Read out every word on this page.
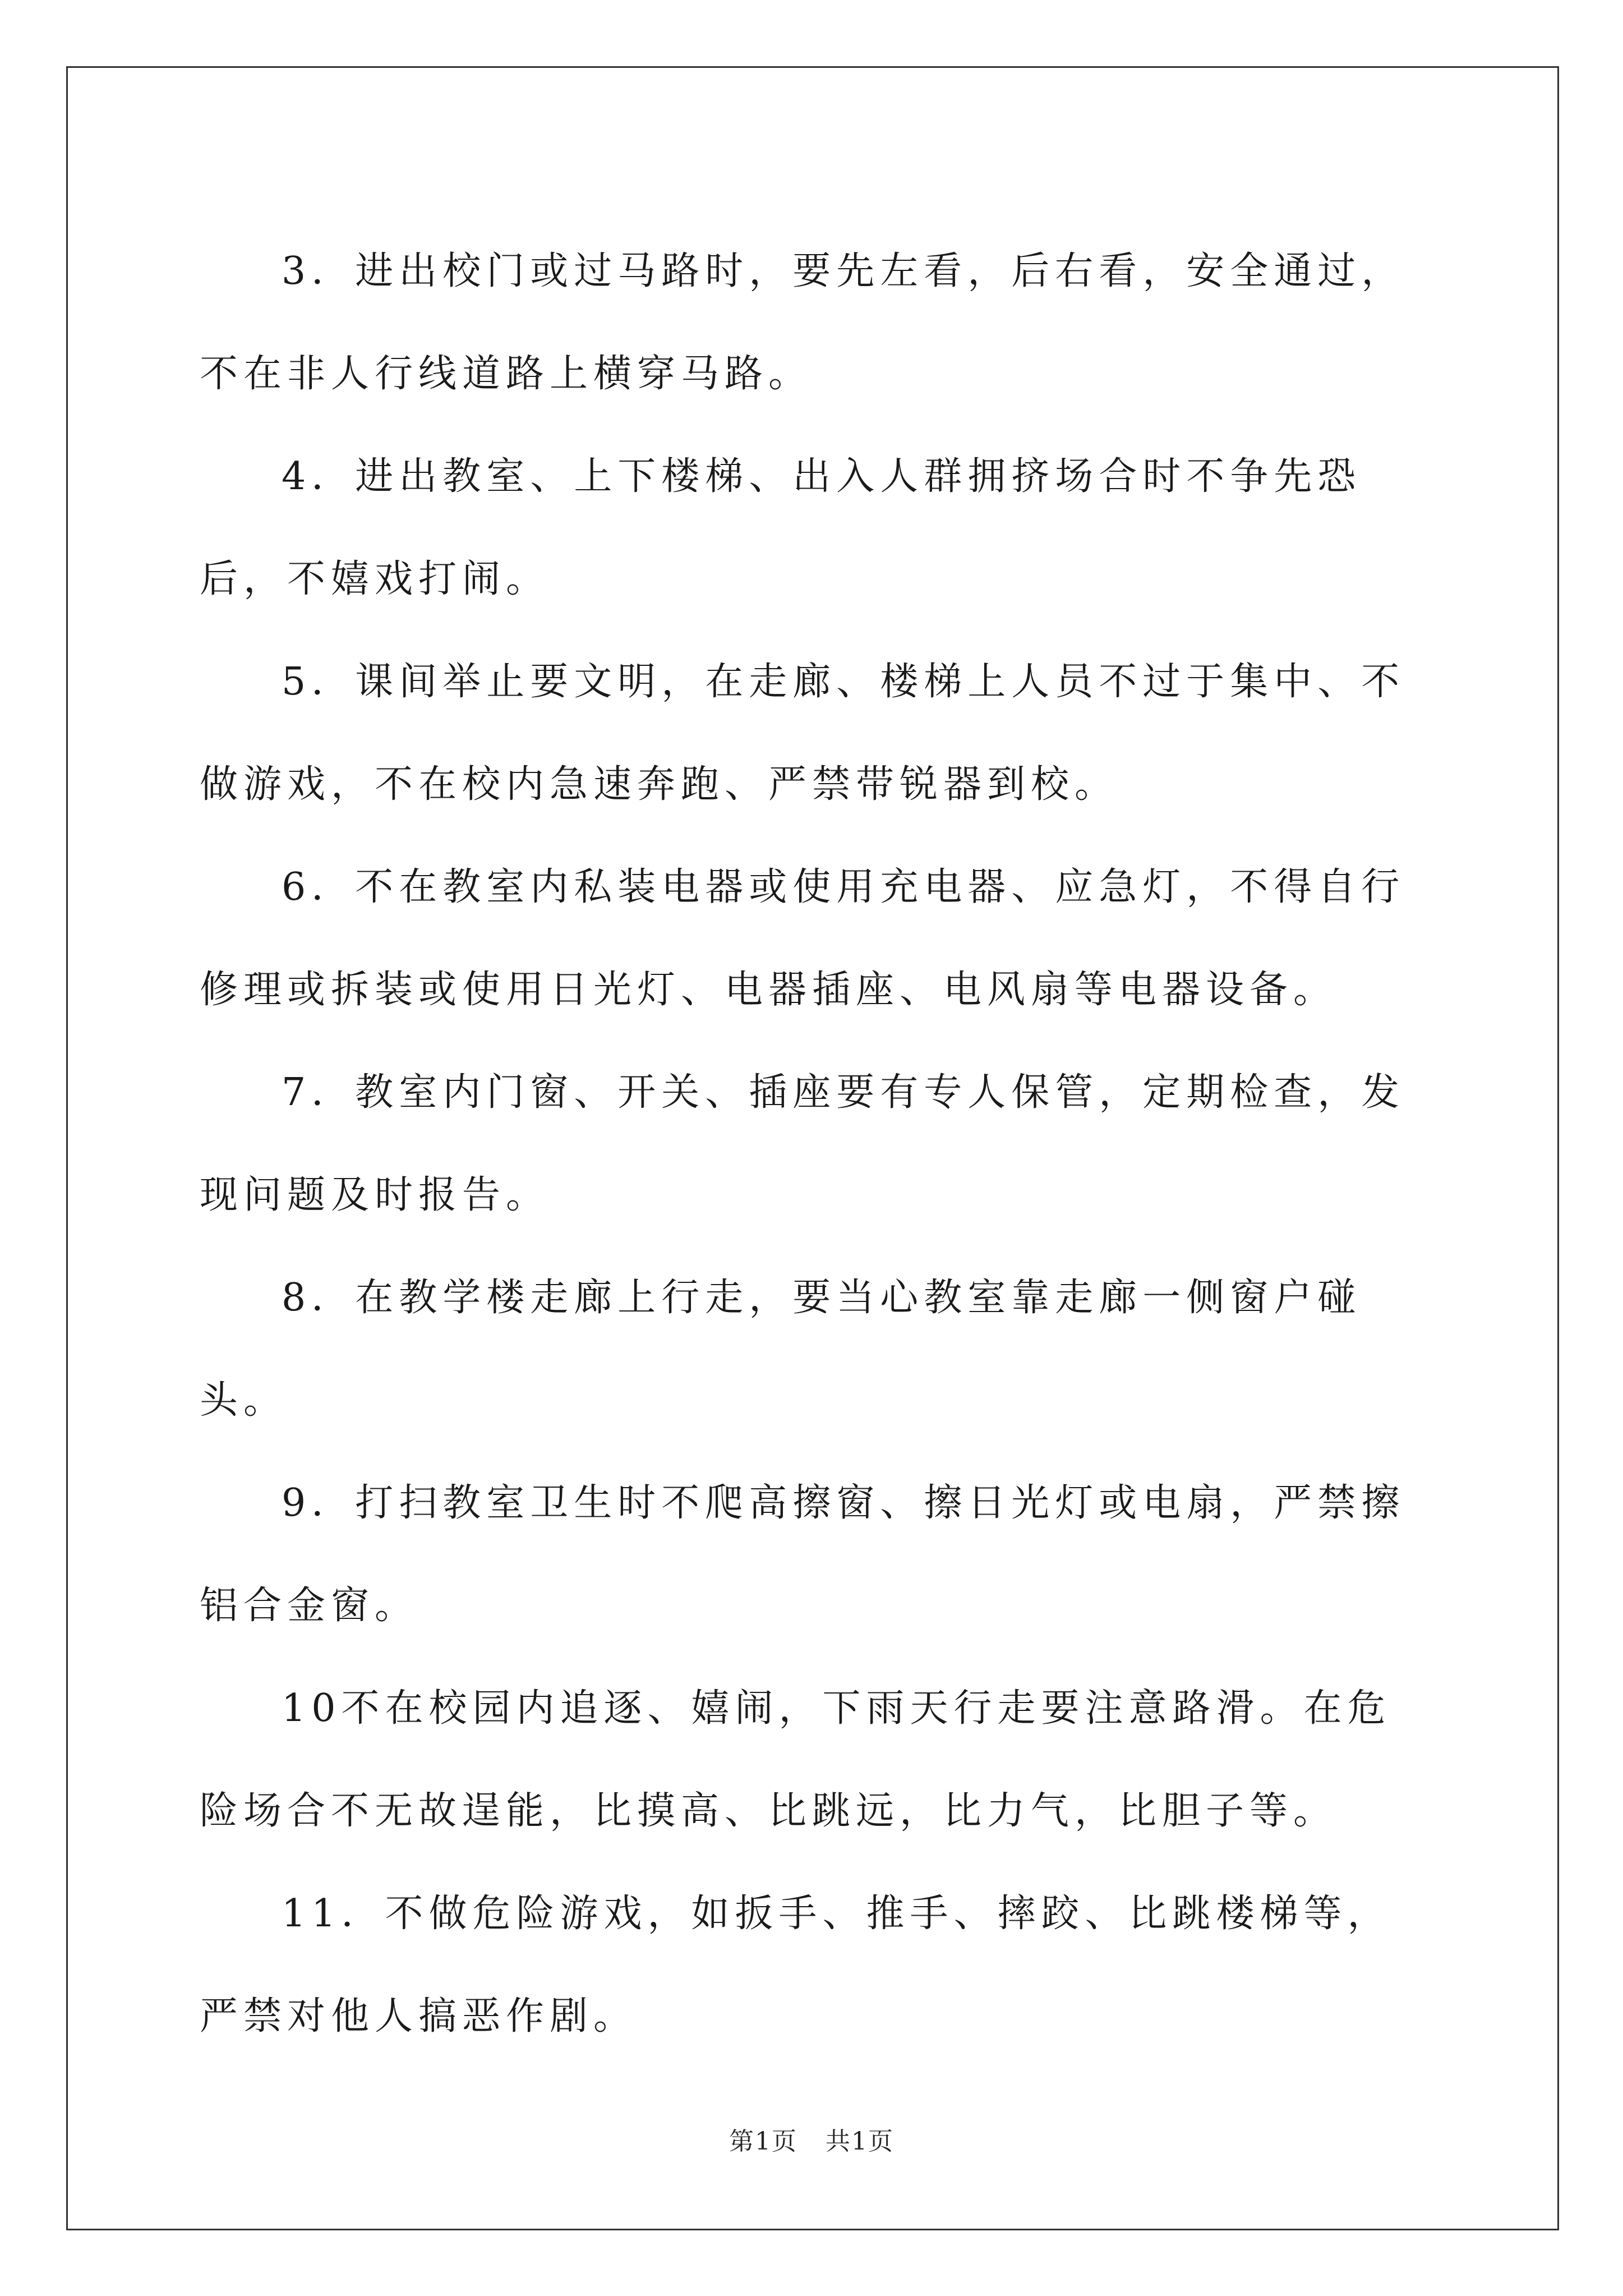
3．进出校门或过马路时，要先左看，后右看，安全通过，不在非人行线道路上横穿马路。

4．进出教室、上下楼梯、出入人群拥挤场合时不争先恐后，不嬉戏打闹。

5．课间举止要文明，在走廊、楼梯上人员不过于集中、不做游戏，不在校内急速奔跑、严禁带锐器到校。

6．不在教室内私装电器或使用充电器、应急灯，不得自行修理或拆装或使用日光灯、电器插座、电风扇等电器设备。

7．教室内门窗、开关、插座要有专人保管，定期检查，发现问题及时报告。

8．在教学楼走廊上行走，要当心教室靠走廊一侧窗户碰头。

9．打扫教室卫生时不爬高擦窗、擦日光灯或电扇，严禁擦铝合金窗。

10不在校园内追逐、嬉闹，下雨天行走要注意路滑。在危险场合不无故逞能，比摸高、比跳远，比力气，比胆子等。

11．不做危险游戏，如扳手、推手、摔跤、比跳楼梯等，严禁对他人搞恶作剧。

第1页 共1页
